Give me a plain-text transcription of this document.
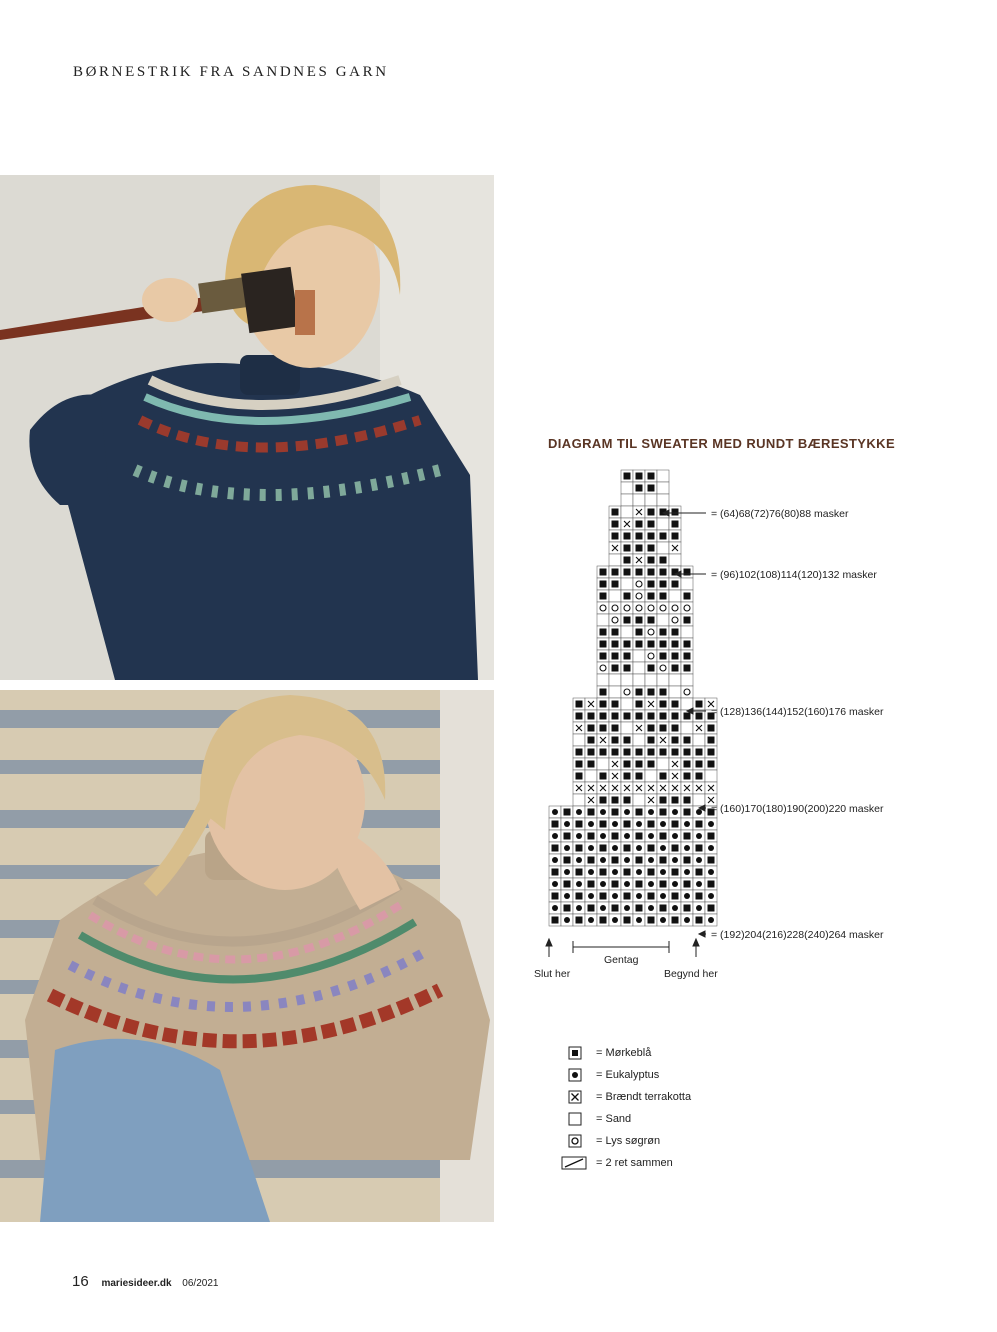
BØRNESTRIK FRA SANDNES GARN
DIAGRAM TIL SWEATER MED RUNDT BÆRESTYKKE
= (64)68(72)76(80)88 masker
= (96)102(108)114(120)132 masker
= (128)136(144)152(160)176 masker
= (160)170(180)190(200)220 masker
= (192)204(216)228(240)264 masker
Slut her
Gentag
Begynd her
= Mørkeblå
= Eukalyptus
= Brændt terrakotta
= Sand
= Lys søgrøn
= 2 ret sammen
16 mariesideer.dk 06/2021
